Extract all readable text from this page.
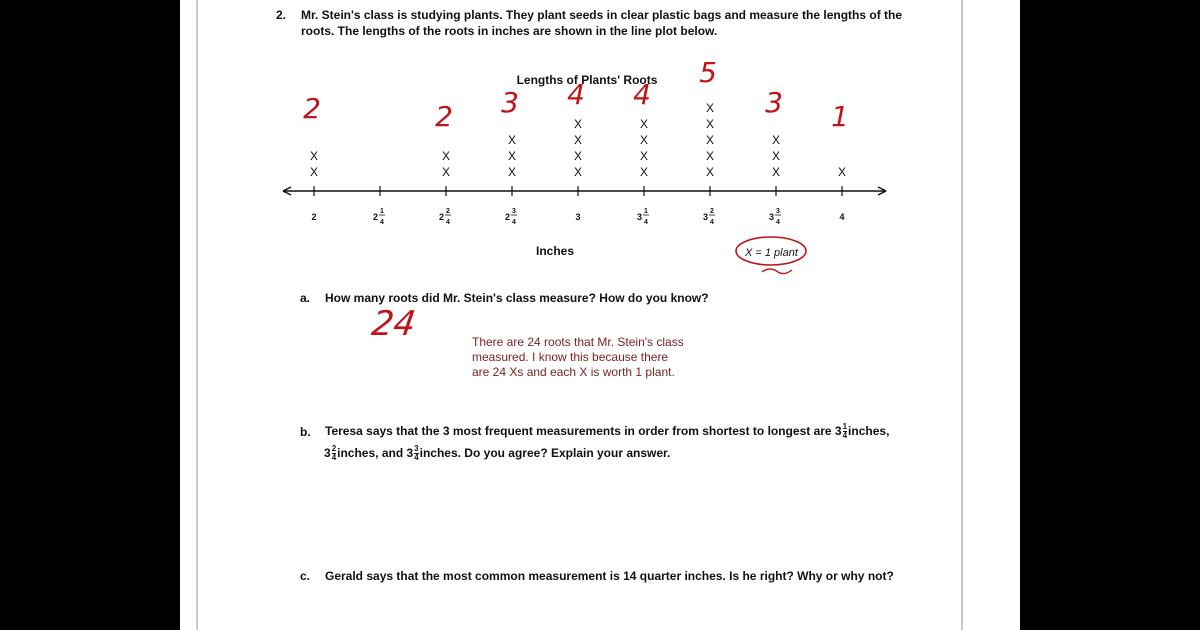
2. Mr. Stein's class is studying plants. They plant seeds in clear plastic bags and measure the lengths of the
roots. The lengths of the roots in inches are shown in the line plot below.
Lengths of Plants' Roots
2	2
1
4
2
2
4
2
3
4
3	3
1
4
3
2
4
3
3
4
4
X
X
X
X
X
X
X
X
X
X
X
X
X
X
X
X
X
X
X
X
X
X
X
X
2	2 3 4 4
5
3 1
Inches	X = 1 plant
a. How many roots did Mr. Stein's class measure? How do you know?
24	There are 24 roots that Mr. Stein's class
measured. I know this because there
are 24 Xs and each X is worth 1 plant.
b. Teresa says that the 3 most frequent measurements in order from shortest to longest are $3 \frac{1}{4}$ inches,
$3 \frac{2}{4}$ inches, and $3 \frac{3}{4}$ inches. Do you agree? Explain your answer.
c. Gerald says that the most common measurement is 14 quarter inches. Is he right? Why or why not?
